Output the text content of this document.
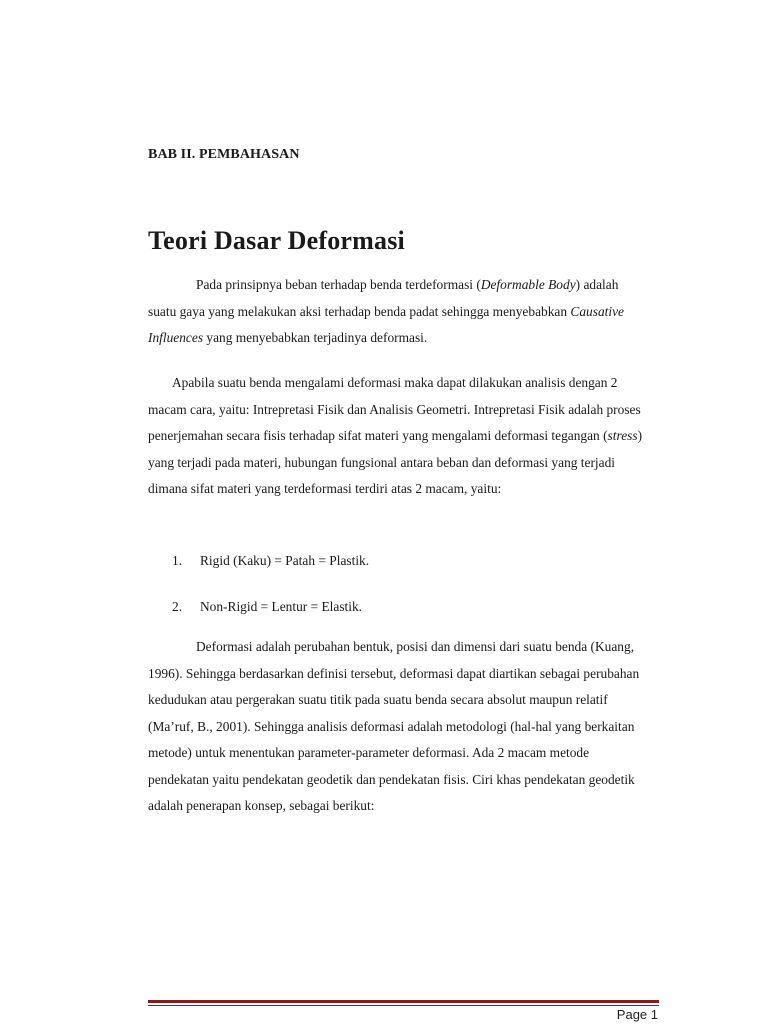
BAB II. PEMBAHASAN
Teori Dasar Deformasi

Pada prinsipnya beban terhadap benda terdeformasi (Deformable Body) adalah suatu gaya yang melakukan aksi terhadap benda padat sehingga menyebabkan Causative Influences yang menyebabkan terjadinya deformasi.

Apabila suatu benda mengalami deformasi maka dapat dilakukan analisis dengan 2 macam cara, yaitu: Intrepretasi Fisik dan Analisis Geometri. Intrepretasi Fisik adalah proses penerjemahan secara fisis terhadap sifat materi yang mengalami deformasi tegangan (stress) yang terjadi pada materi, hubungan fungsional antara beban dan deformasi yang terjadi dimana sifat materi yang terdeformasi terdiri atas 2 macam, yaitu:

1. Rigid (Kaku) = Patah = Plastik.
2. Non-Rigid = Lentur = Elastik.

Deformasi adalah perubahan bentuk, posisi dan dimensi dari suatu benda (Kuang, 1996). Sehingga berdasarkan definisi tersebut, deformasi dapat diartikan sebagai perubahan kedudukan atau pergerakan suatu titik pada suatu benda secara absolut maupun relatif (Ma’ruf, B., 2001). Sehingga analisis deformasi adalah metodologi (hal-hal yang berkaitan metode) untuk menentukan parameter-parameter deformasi. Ada 2 macam metode pendekatan yaitu pendekatan geodetik dan pendekatan fisis. Ciri khas pendekatan geodetik adalah penerapan konsep, sebagai berikut:

Page 1
